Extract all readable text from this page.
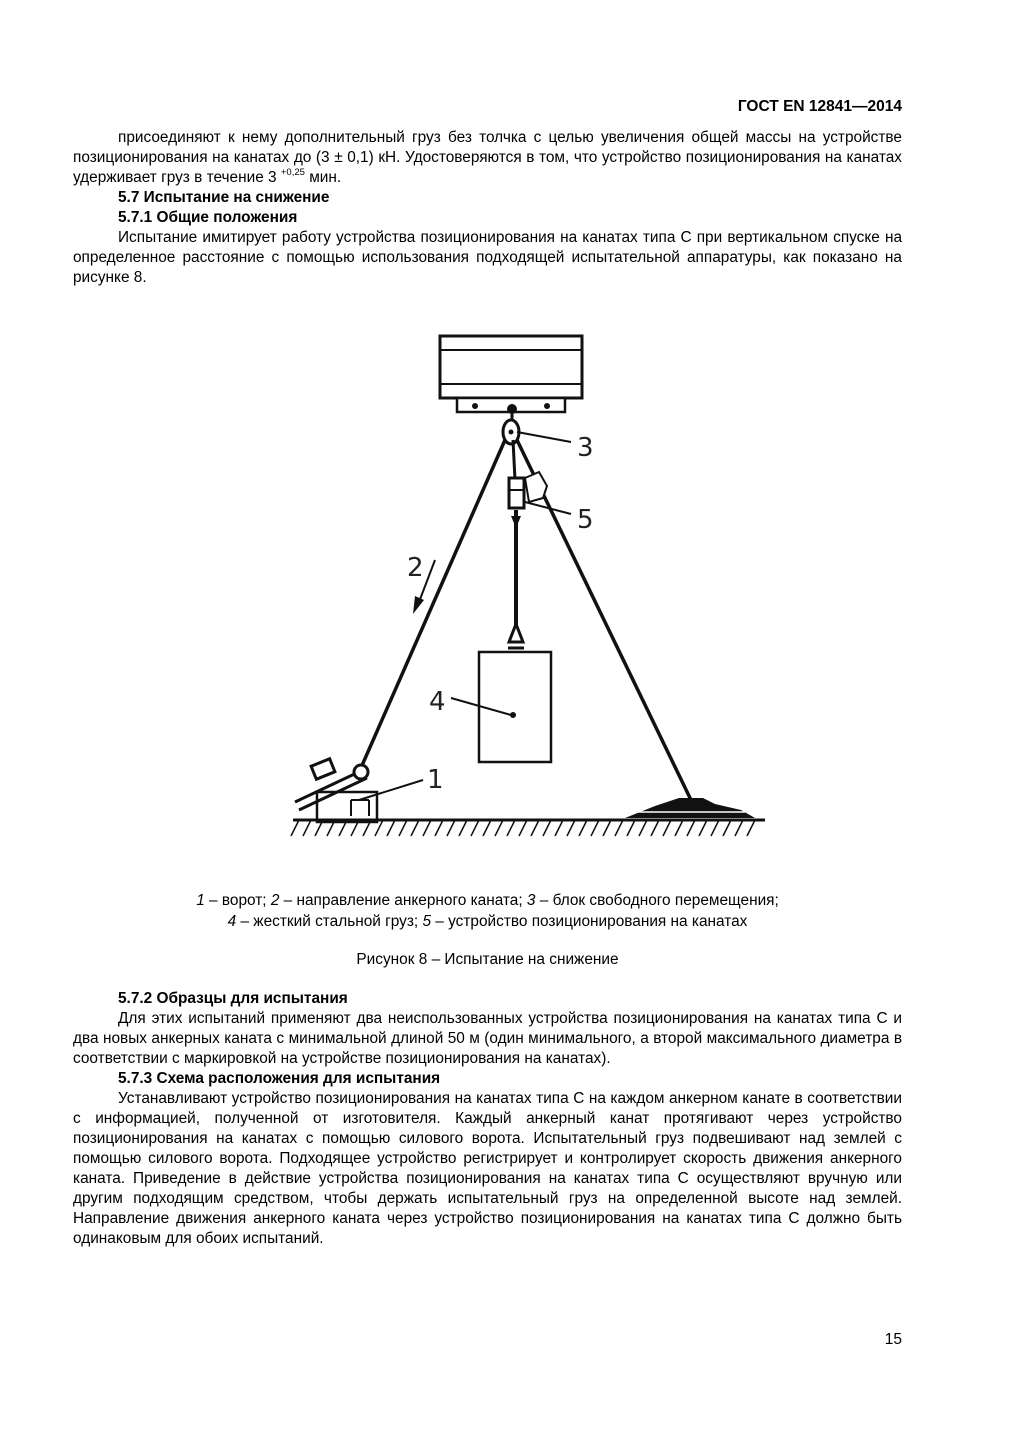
ГОСТ EN 12841—2014

присоединяют к нему дополнительный груз без толчка с целью увеличения общей массы на устройстве позиционирования на канатах до (3 ± 0,1) кН. Удостоверяются в том, что устройство позиционирования на канатах удерживает груз в течение 3 $^{+0,25}$ мин.

5.7 Испытание на снижение

5.7.1 Общие положения

Испытание имитирует работу устройства позиционирования на канатах типа С при вертикальном спуске на определенное расстояние с помощью использования подходящей испытательной аппаратуры, как показано на рисунке 8.

1
2
3
4
5
1 – ворот; 2 – направление анкерного каната; 3 – блок свободного перемещения;
4 – жесткий стальной груз; 5 – устройство позиционирования на канатах
Рисунок 8 – Испытание на снижение

5.7.2 Образцы для испытания

Для этих испытаний применяют два неиспользованных устройства позиционирования на канатах типа С и два новых анкерных каната с минимальной длиной 50 м (один минимального, а второй максимального диаметра в соответствии с маркировкой на устройстве позиционирования на канатах).

5.7.3 Схема расположения для испытания

Устанавливают устройство позиционирования на канатах типа С на каждом анкерном канате в соответствии с информацией, полученной от изготовителя. Каждый анкерный канат протягивают через устройство позиционирования на канатах с помощью силового ворота. Испытательный груз подвешивают над землей с помощью силового ворота. Подходящее устройство регистрирует и контролирует скорость движения анкерного каната. Приведение в действие устройства позиционирования на канатах типа С осуществляют вручную или другим подходящим средством, чтобы держать испытательный груз на определенной высоте над землей. Направление движения анкерного каната через устройство позиционирования на канатах типа С должно быть одинаковым для обоих испытаний.

15
